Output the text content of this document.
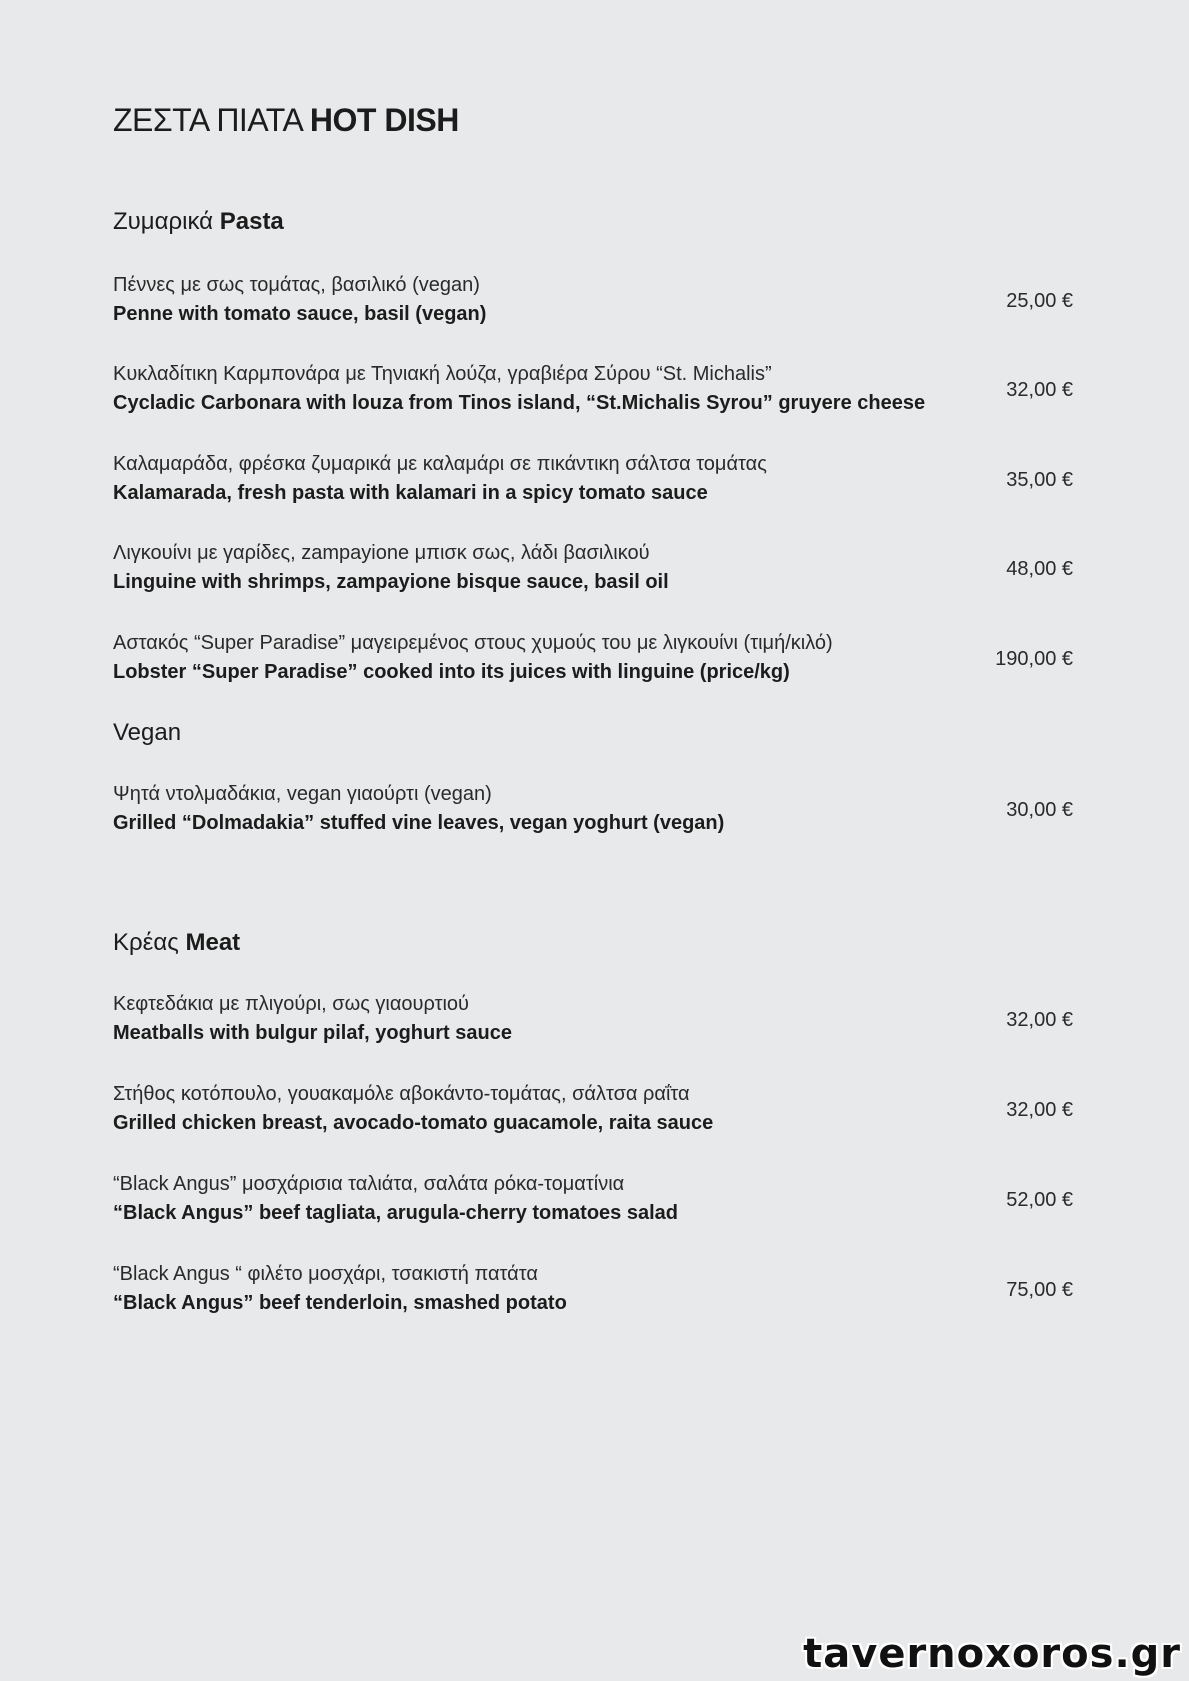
ΖΕΣΤΑ ΠΙΑΤΑ HOT DISH
Ζυμαρικά Pasta
Πέννες με σως τομάτας, βασιλικό (vegan)
Penne with tomato sauce, basil (vegan)
25,00 €
Κυκλαδίτικη Καρμπονάρα με Τηνιακή λούζα, γραβιέρα Σύρου “St. Michalis”
Cycladic Carbonara with louza from Tinos island, “St.Michalis Syrou” gruyere cheese
32,00 €
Καλαμαράδα, φρέσκα ζυμαρικά με καλαμάρι σε πικάντικη σάλτσα τομάτας
Kalamarada, fresh pasta with kalamari in a spicy tomato sauce
35,00 €
Λιγκουίνι με γαρίδες, zampayione μπισκ σως, λάδι βασιλικού
Linguine with shrimps, zampayione bisque sauce, basil oil
48,00 €
Αστακός “Super Paradise” μαγειρεμένος στους χυμούς του με λιγκουίνι (τιμή/κιλό)
Lobster “Super Paradise” cooked into its juices with linguine (price/kg)
190,00 €
Vegan
Ψητά ντολμαδάκια, vegan γιαούρτι (vegan)
Grilled “Dolmadakia” stuffed vine leaves, vegan yoghurt (vegan)
30,00 €
Κρέας Meat
Κεφτεδάκια με πλιγούρι, σως γιαουρτιού
Meatballs with bulgur pilaf, yoghurt sauce
32,00 €
Στήθος κοτόπουλο, γουακαμόλε αβοκάντο-τομάτας, σάλτσα ραΐτα
Grilled chicken breast, avocado-tomato guacamole, raita sauce
32,00 €
“Black Angus” μοσχάρισια ταλιάτα, σαλάτα ρόκα-τοματίνια
“Black Angus” beef tagliata, arugula-cherry tomatoes salad
52,00 €
“Black Angus “ φιλέτο μοσχάρι, τσακιστή πατάτα
“Black Angus” beef tenderloin, smashed potato
75,00 €
tavernoxoros.gr
